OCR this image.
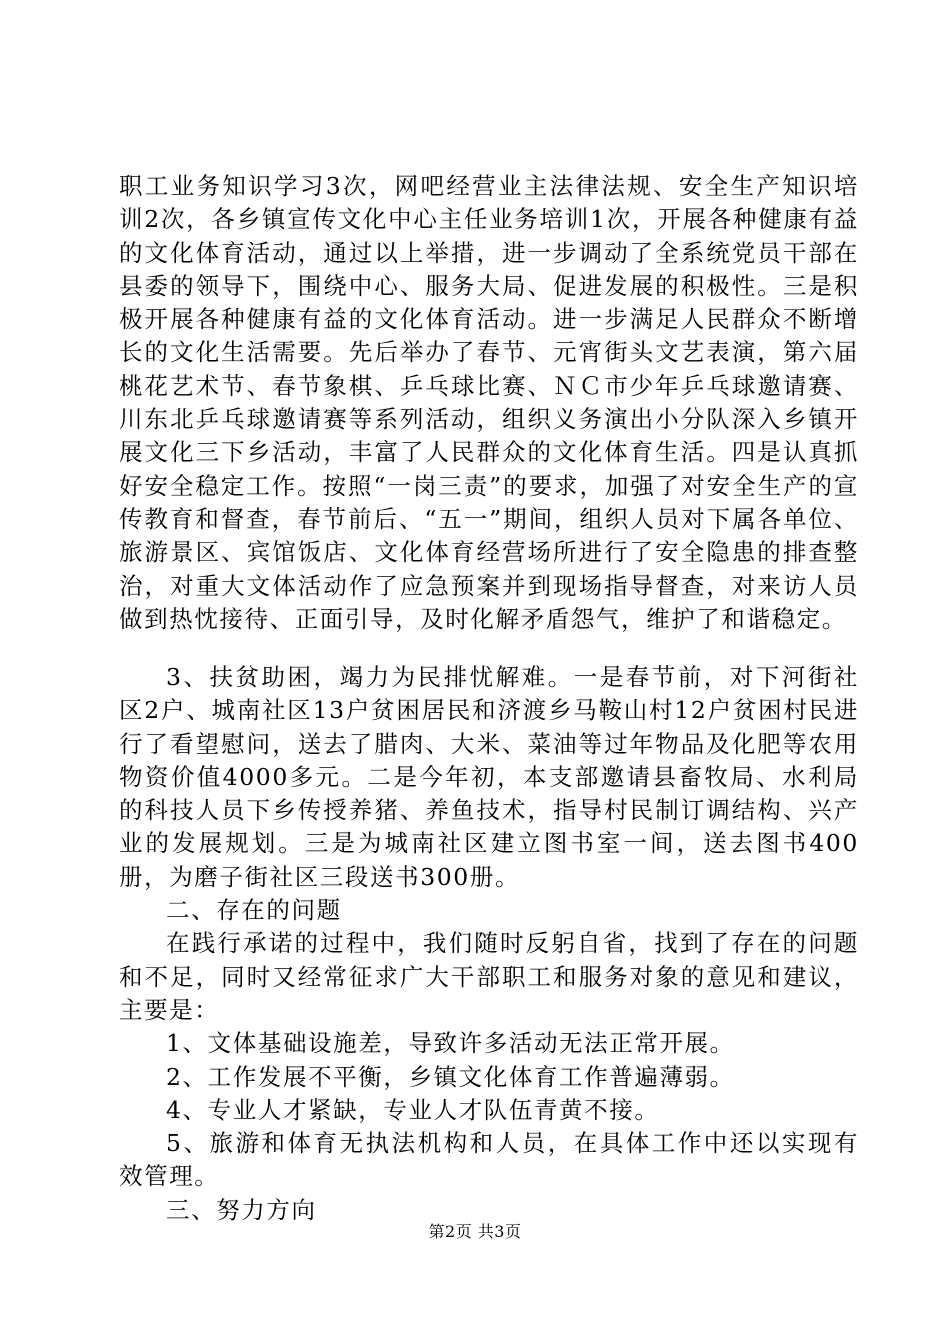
职工业务知识学习3次，网吧经营业主法律法规、安全生产知识培训2次，各乡镇宣传文化中心主任业务培训1次，开展各种健康有益的文化体育活动，通过以上举措，进一步调动了全系统党员干部在县委的领导下，围绕中心、服务大局、促进发展的积极性。三是积极开展各种健康有益的文化体育活动。进一步满足人民群众不断增长的文化生活需要。先后举办了春节、元宵街头文艺表演，第六届桃花艺术节、春节象棋、乒乓球比赛、ＮＣ市少年乒乓球邀请赛、川东北乒乓球邀请赛等系列活动，组织义务演出小分队深入乡镇开展文化三下乡活动，丰富了人民群众的文化体育生活。四是认真抓好安全稳定工作。按照“一岗三责”的要求，加强了对安全生产的宣传教育和督查，春节前后、“五一”期间，组织人员对下属各单位、旅游景区、宾馆饭店、文化体育经营场所进行了安全隐患的排查整治，对重大文体活动作了应急预案并到现场指导督查，对来访人员做到热忱接待、正面引导，及时化解矛盾怨气，维护了和谐稳定。

3、扶贫助困，竭力为民排忧解难。一是春节前，对下河街社区2户、城南社区13户贫困居民和济渡乡马鞍山村12户贫困村民进行了看望慰问，送去了腊肉、大米、菜油等过年物品及化肥等农用物资价值4000多元。二是今年初，本支部邀请县畜牧局、水利局的科技人员下乡传授养猪、养鱼技术，指导村民制订调结构、兴产业的发展规划。三是为城南社区建立图书室一间，送去图书400册，为磨子街社区三段送书300册。

二、存在的问题

在践行承诺的过程中，我们随时反躬自省，找到了存在的问题和不足，同时又经常征求广大干部职工和服务对象的意见和建议，主要是：

1、文体基础设施差，导致许多活动无法正常开展。

2、工作发展不平衡，乡镇文化体育工作普遍薄弱。

4、专业人才紧缺，专业人才队伍青黄不接。

5、旅游和体育无执法机构和人员，在具体工作中还以实现有效管理。

三、努力方向

第2页 共3页
